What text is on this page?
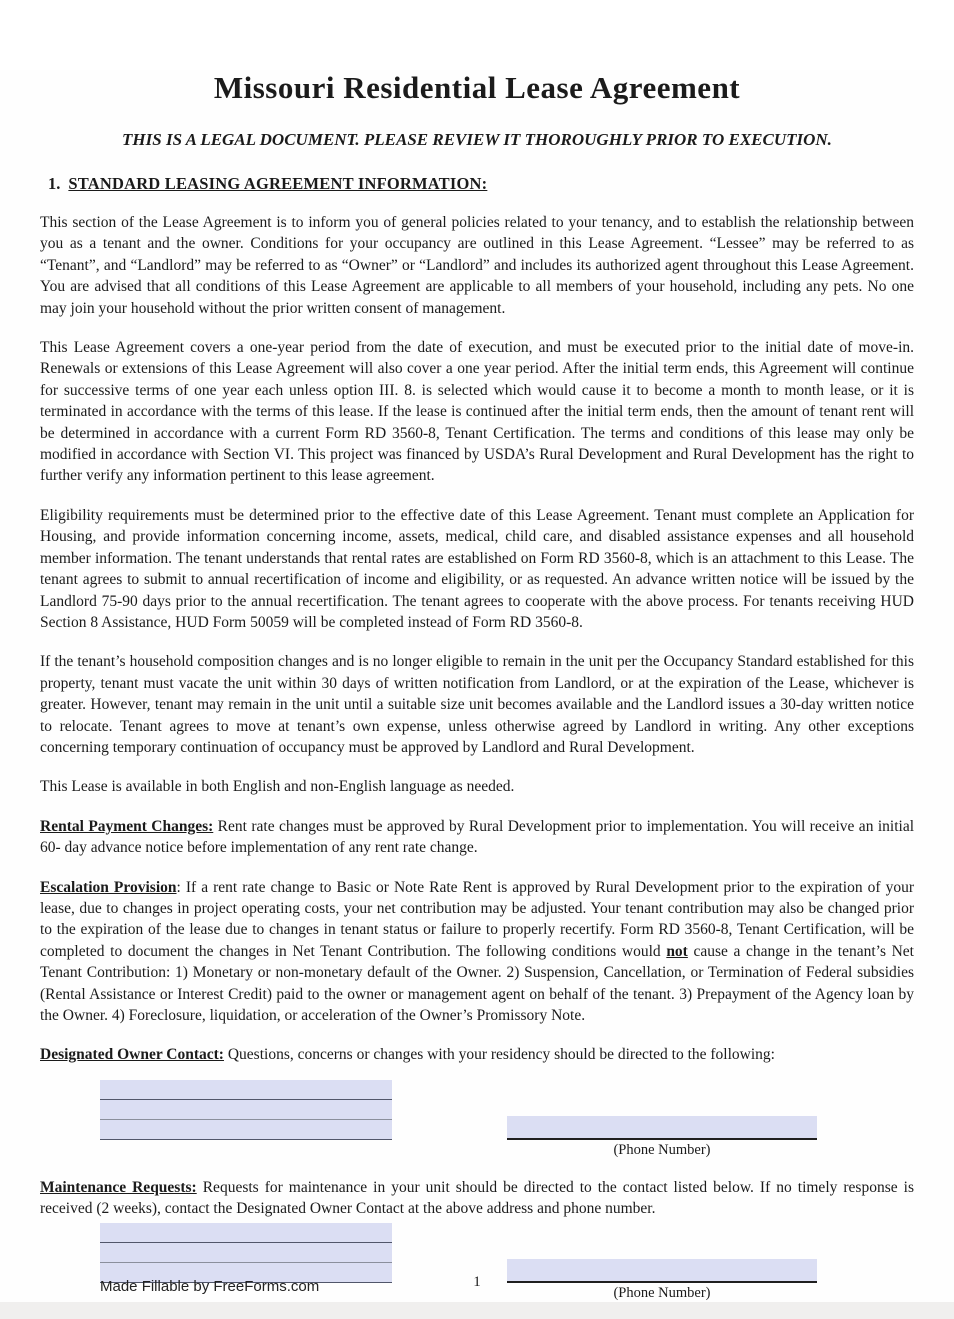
Missouri Residential Lease Agreement

THIS IS A LEGAL DOCUMENT. PLEASE REVIEW IT THOROUGHLY PRIOR TO EXECUTION.

1. STANDARD LEASING AGREEMENT INFORMATION:

This section of the Lease Agreement is to inform you of general policies related to your tenancy, and to establish the relationship between you as a tenant and the owner. Conditions for your occupancy are outlined in this Lease Agreement. “Lessee” may be referred to as “Tenant”, and “Landlord” may be referred to as “Owner” or “Landlord” and includes its authorized agent throughout this Lease Agreement. You are advised that all conditions of this Lease Agreement are applicable to all members of your household, including any pets. No one may join your household without the prior written consent of management.

This Lease Agreement covers a one-year period from the date of execution, and must be executed prior to the initial date of move-in. Renewals or extensions of this Lease Agreement will also cover a one year period. After the initial term ends, this Agreement will continue for successive terms of one year each unless option III. 8. is selected which would cause it to become a month to month lease, or it is terminated in accordance with the terms of this lease. If the lease is continued after the initial term ends, then the amount of tenant rent will be determined in accordance with a current Form RD 3560-8, Tenant Certification. The terms and conditions of this lease may only be modified in accordance with Section VI. This project was financed by USDA’s Rural Development and Rural Development has the right to further verify any information pertinent to this lease agreement.

Eligibility requirements must be determined prior to the effective date of this Lease Agreement. Tenant must complete an Application for Housing, and provide information concerning income, assets, medical, child care, and disabled assistance expenses and all household member information. The tenant understands that rental rates are established on Form RD 3560-8, which is an attachment to this Lease. The tenant agrees to submit to annual recertification of income and eligibility, or as requested. An advance written notice will be issued by the Landlord 75-90 days prior to the annual recertification. The tenant agrees to cooperate with the above process. For tenants receiving HUD Section 8 Assistance, HUD Form 50059 will be completed instead of Form RD 3560-8.

If the tenant’s household composition changes and is no longer eligible to remain in the unit per the Occupancy Standard established for this property, tenant must vacate the unit within 30 days of written notification from Landlord, or at the expiration of the Lease, whichever is greater. However, tenant may remain in the unit until a suitable size unit becomes available and the Landlord issues a 30-day written notice to relocate. Tenant agrees to move at tenant’s own expense, unless otherwise agreed by Landlord in writing. Any other exceptions concerning temporary continuation of occupancy must be approved by Landlord and Rural Development.

This Lease is available in both English and non-English language as needed.

Rental Payment Changes: Rent rate changes must be approved by Rural Development prior to implementation. You will receive an initial 60- day advance notice before implementation of any rent rate change.

Escalation Provision: If a rent rate change to Basic or Note Rate Rent is approved by Rural Development prior to the expiration of your lease, due to changes in project operating costs, your net contribution may be adjusted. Your tenant contribution may also be changed prior to the expiration of the lease due to changes in tenant status or failure to properly recertify. Form RD 3560-8, Tenant Certification, will be completed to document the changes in Net Tenant Contribution. The following conditions would not cause a change in the tenant’s Net Tenant Contribution: 1) Monetary or non-monetary default of the Owner. 2) Suspension, Cancellation, or Termination of Federal subsidies (Rental Assistance or Interest Credit) paid to the owner or management agent on behalf of the tenant. 3) Prepayment of the Agency loan by the Owner. 4) Foreclosure, liquidation, or acceleration of the Owner’s Promissory Note.

Designated Owner Contact: Questions, concerns or changes with your residency should be directed to the following:

(Phone Number)

Maintenance Requests: Requests for maintenance in your unit should be directed to the contact listed below. If no timely response is received (2 weeks), contact the Designated Owner Contact at the above address and phone number.

(Phone Number)
Made Fillable by FreeForms.com	1
